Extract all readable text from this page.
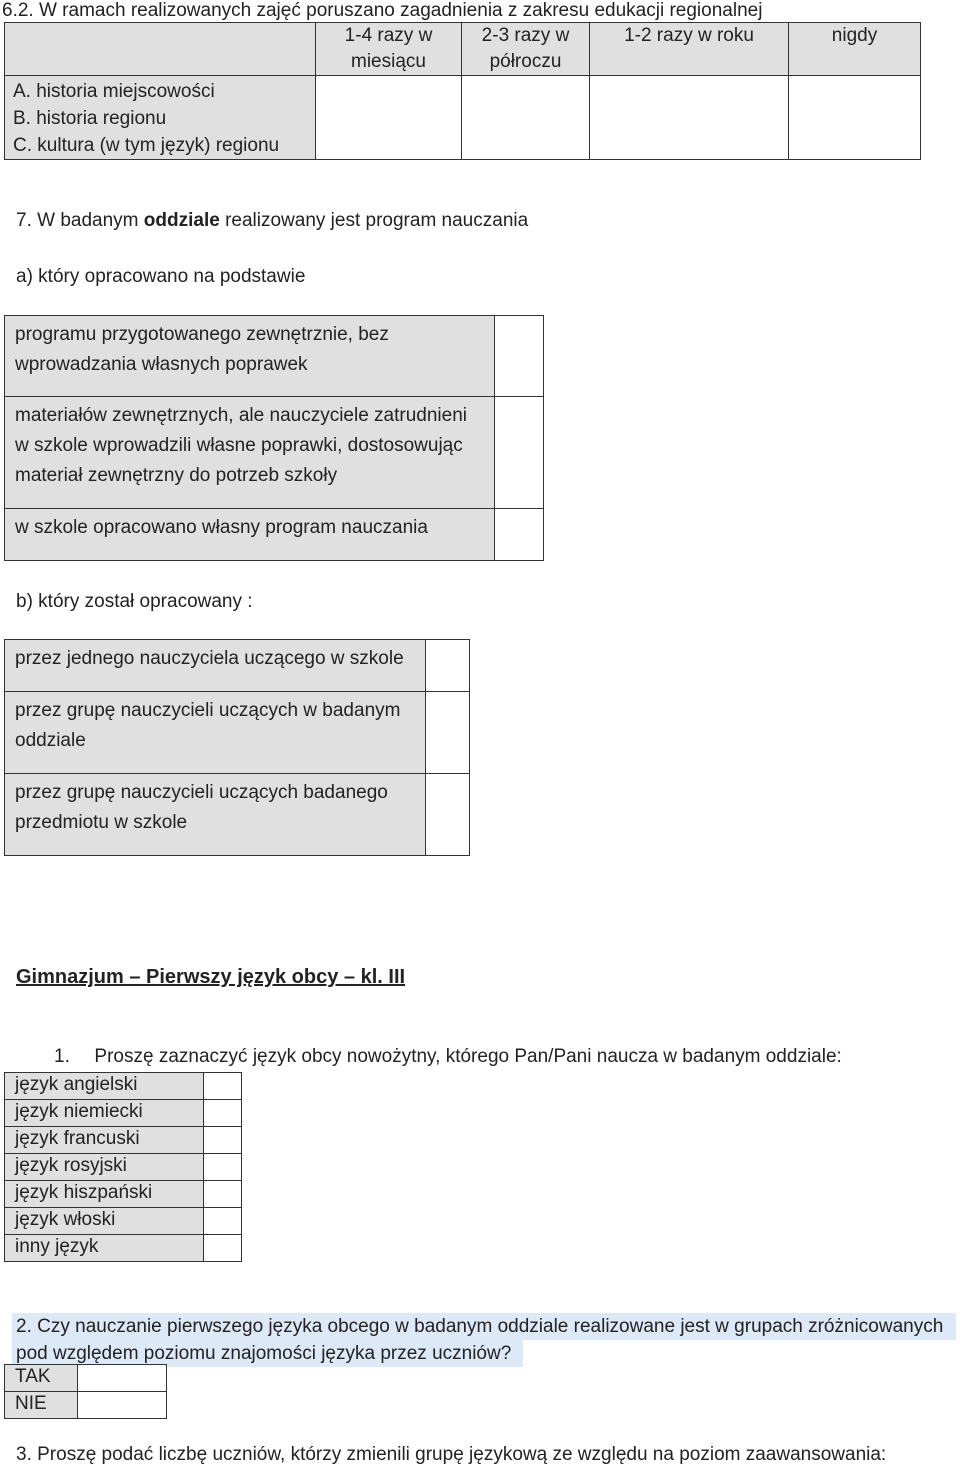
6.2. W ramach realizowanych zajęć poruszano zagadnienia z zakresu edukacji regionalnej
	1-4 razy w miesiącu	2-3 razy w półroczu	1-2 razy w roku	nigdy

A. historia miejscowości
B. historia regionu
C. kultura (w tym język) regionu				

7. W badanym oddziale realizowany jest program nauczania
a) który opracowano na podstawie
programu przygotowanego zewnętrznie, bez wprowadzania własnych poprawek	

materiałów zewnętrznych, ale nauczyciele zatrudnieni w szkole wprowadzili własne poprawki, dostosowując materiał zewnętrzny do potrzeb szkoły	

w szkole opracowano własny program nauczania	

b) który został opracowany :
przez jednego nauczyciela uczącego w szkole	

przez grupę nauczycieli uczących w badanym oddziale	

przez grupę nauczycieli uczących badanego przedmiotu w szkole	

Gimnazjum – Pierwszy język obcy – kl. III
1. Proszę zaznaczyć język obcy nowożytny, którego Pan/Pani naucza w badanym oddziale:
język angielski	
język niemiecki	
język francuski	
język rosyjski	
język hiszpański	
język włoski	
inny język	
2. Czy nauczanie pierwszego języka obcego w badanym oddziale realizowane jest w grupach zróżnicowanych
pod względem poziomu znajomości języka przez uczniów?
TAK	
NIE	
3. Proszę podać liczbę uczniów, którzy zmienili grupę językową ze względu na poziom zaawansowania:
